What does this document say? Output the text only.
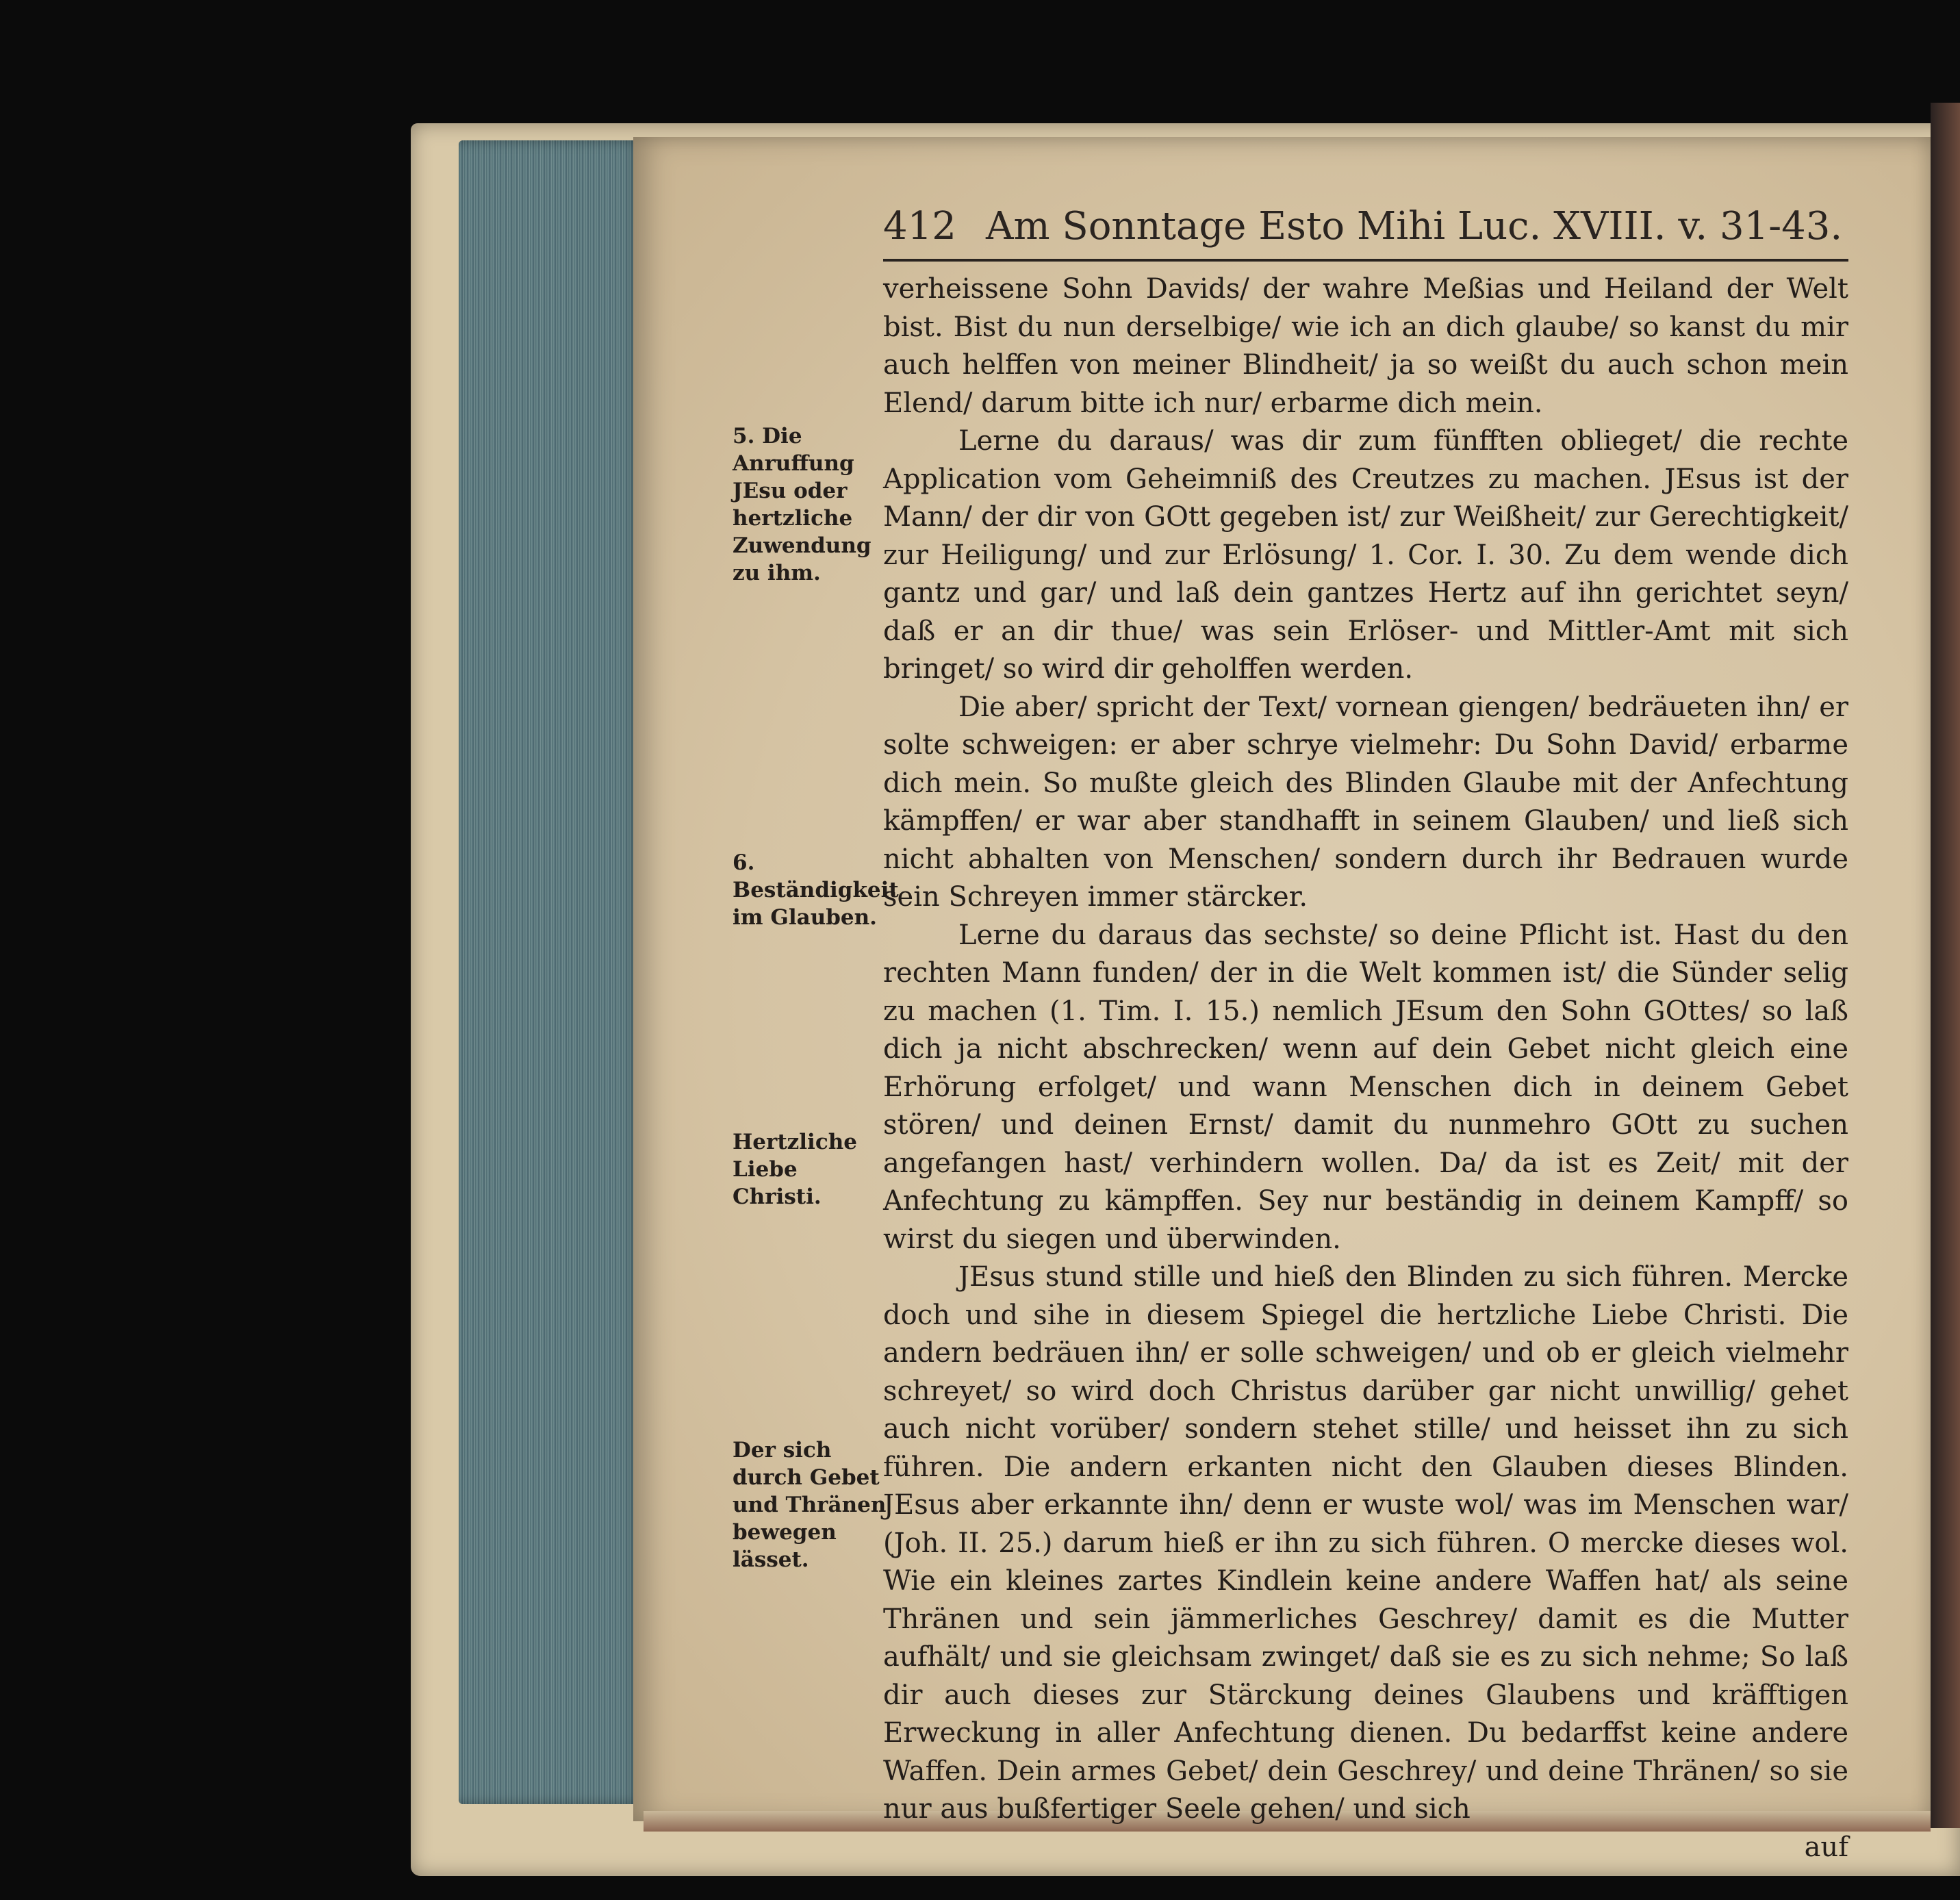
412 Am Sonntage Esto Mihi Luc. XVIII. v. 31-43.
5. Die Anruffung JEsu oder hertzliche Zuwendung zu ihm.
6. Beständigkeit im Glauben.
Hertzliche Liebe Christi.
Der sich durch Gebet und Thränen bewegen lässet.

verheissene Sohn Davids/ der wahre Meßias und Heiland der Welt bist. Bist du nun derselbige/ wie ich an dich glaube/ so kanst du mir auch helffen von meiner Blindheit/ ja so weißt du auch schon mein Elend/ darum bitte ich nur/ erbarme dich mein.

Lerne du daraus/ was dir zum fünfften oblieget/ die rechte Application vom Geheimniß des Creutzes zu machen. JEsus ist der Mann/ der dir von GOtt gegeben ist/ zur Weißheit/ zur Gerechtigkeit/ zur Heiligung/ und zur Erlösung/ 1. Cor. I. 30. Zu dem wende dich gantz und gar/ und laß dein gantzes Hertz auf ihn gerichtet seyn/ daß er an dir thue/ was sein Erlöser- und Mittler-Amt mit sich bringet/ so wird dir geholffen werden.

Die aber/ spricht der Text/ vornean giengen/ bedräueten ihn/ er solte schweigen: er aber schrye vielmehr: Du Sohn David/ erbarme dich mein. So mußte gleich des Blinden Glaube mit der Anfechtung kämpffen/ er war aber standhafft in seinem Glauben/ und ließ sich nicht abhalten von Menschen/ sondern durch ihr Bedrauen wurde sein Schreyen immer stärcker.

Lerne du daraus das sechste/ so deine Pflicht ist. Hast du den rechten Mann funden/ der in die Welt kommen ist/ die Sünder selig zu machen (1. Tim. I. 15.) nemlich JEsum den Sohn GOttes/ so laß dich ja nicht abschrecken/ wenn auf dein Gebet nicht gleich eine Erhörung erfolget/ und wann Menschen dich in deinem Gebet stören/ und deinen Ernst/ damit du nunmehro GOtt zu suchen angefangen hast/ verhindern wollen. Da/ da ist es Zeit/ mit der Anfechtung zu kämpffen. Sey nur beständig in deinem Kampff/ so wirst du siegen und überwinden.

JEsus stund stille und hieß den Blinden zu sich führen. Mercke doch und sihe in diesem Spiegel die hertzliche Liebe Christi. Die andern bedräuen ihn/ er solle schweigen/ und ob er gleich vielmehr schreyet/ so wird doch Christus darüber gar nicht unwillig/ gehet auch nicht vorüber/ sondern stehet stille/ und heisset ihn zu sich führen. Die andern erkanten nicht den Glauben dieses Blinden. JEsus aber erkannte ihn/ denn er wuste wol/ was im Menschen war/ (Joh. II. 25.) darum hieß er ihn zu sich führen. O mercke dieses wol. Wie ein kleines zartes Kindlein keine andere Waffen hat/ als seine Thränen und sein jämmerliches Geschrey/ damit es die Mutter aufhält/ und sie gleichsam zwinget/ daß sie es zu sich nehme; So laß dir auch dieses zur Stärckung deines Glaubens und kräfftigen Erweckung in aller Anfechtung dienen. Du bedarffst keine andere Waffen. Dein armes Gebet/ dein Geschrey/ und deine Thränen/ so sie nur aus bußfertiger Seele gehen/ und sich

auf
